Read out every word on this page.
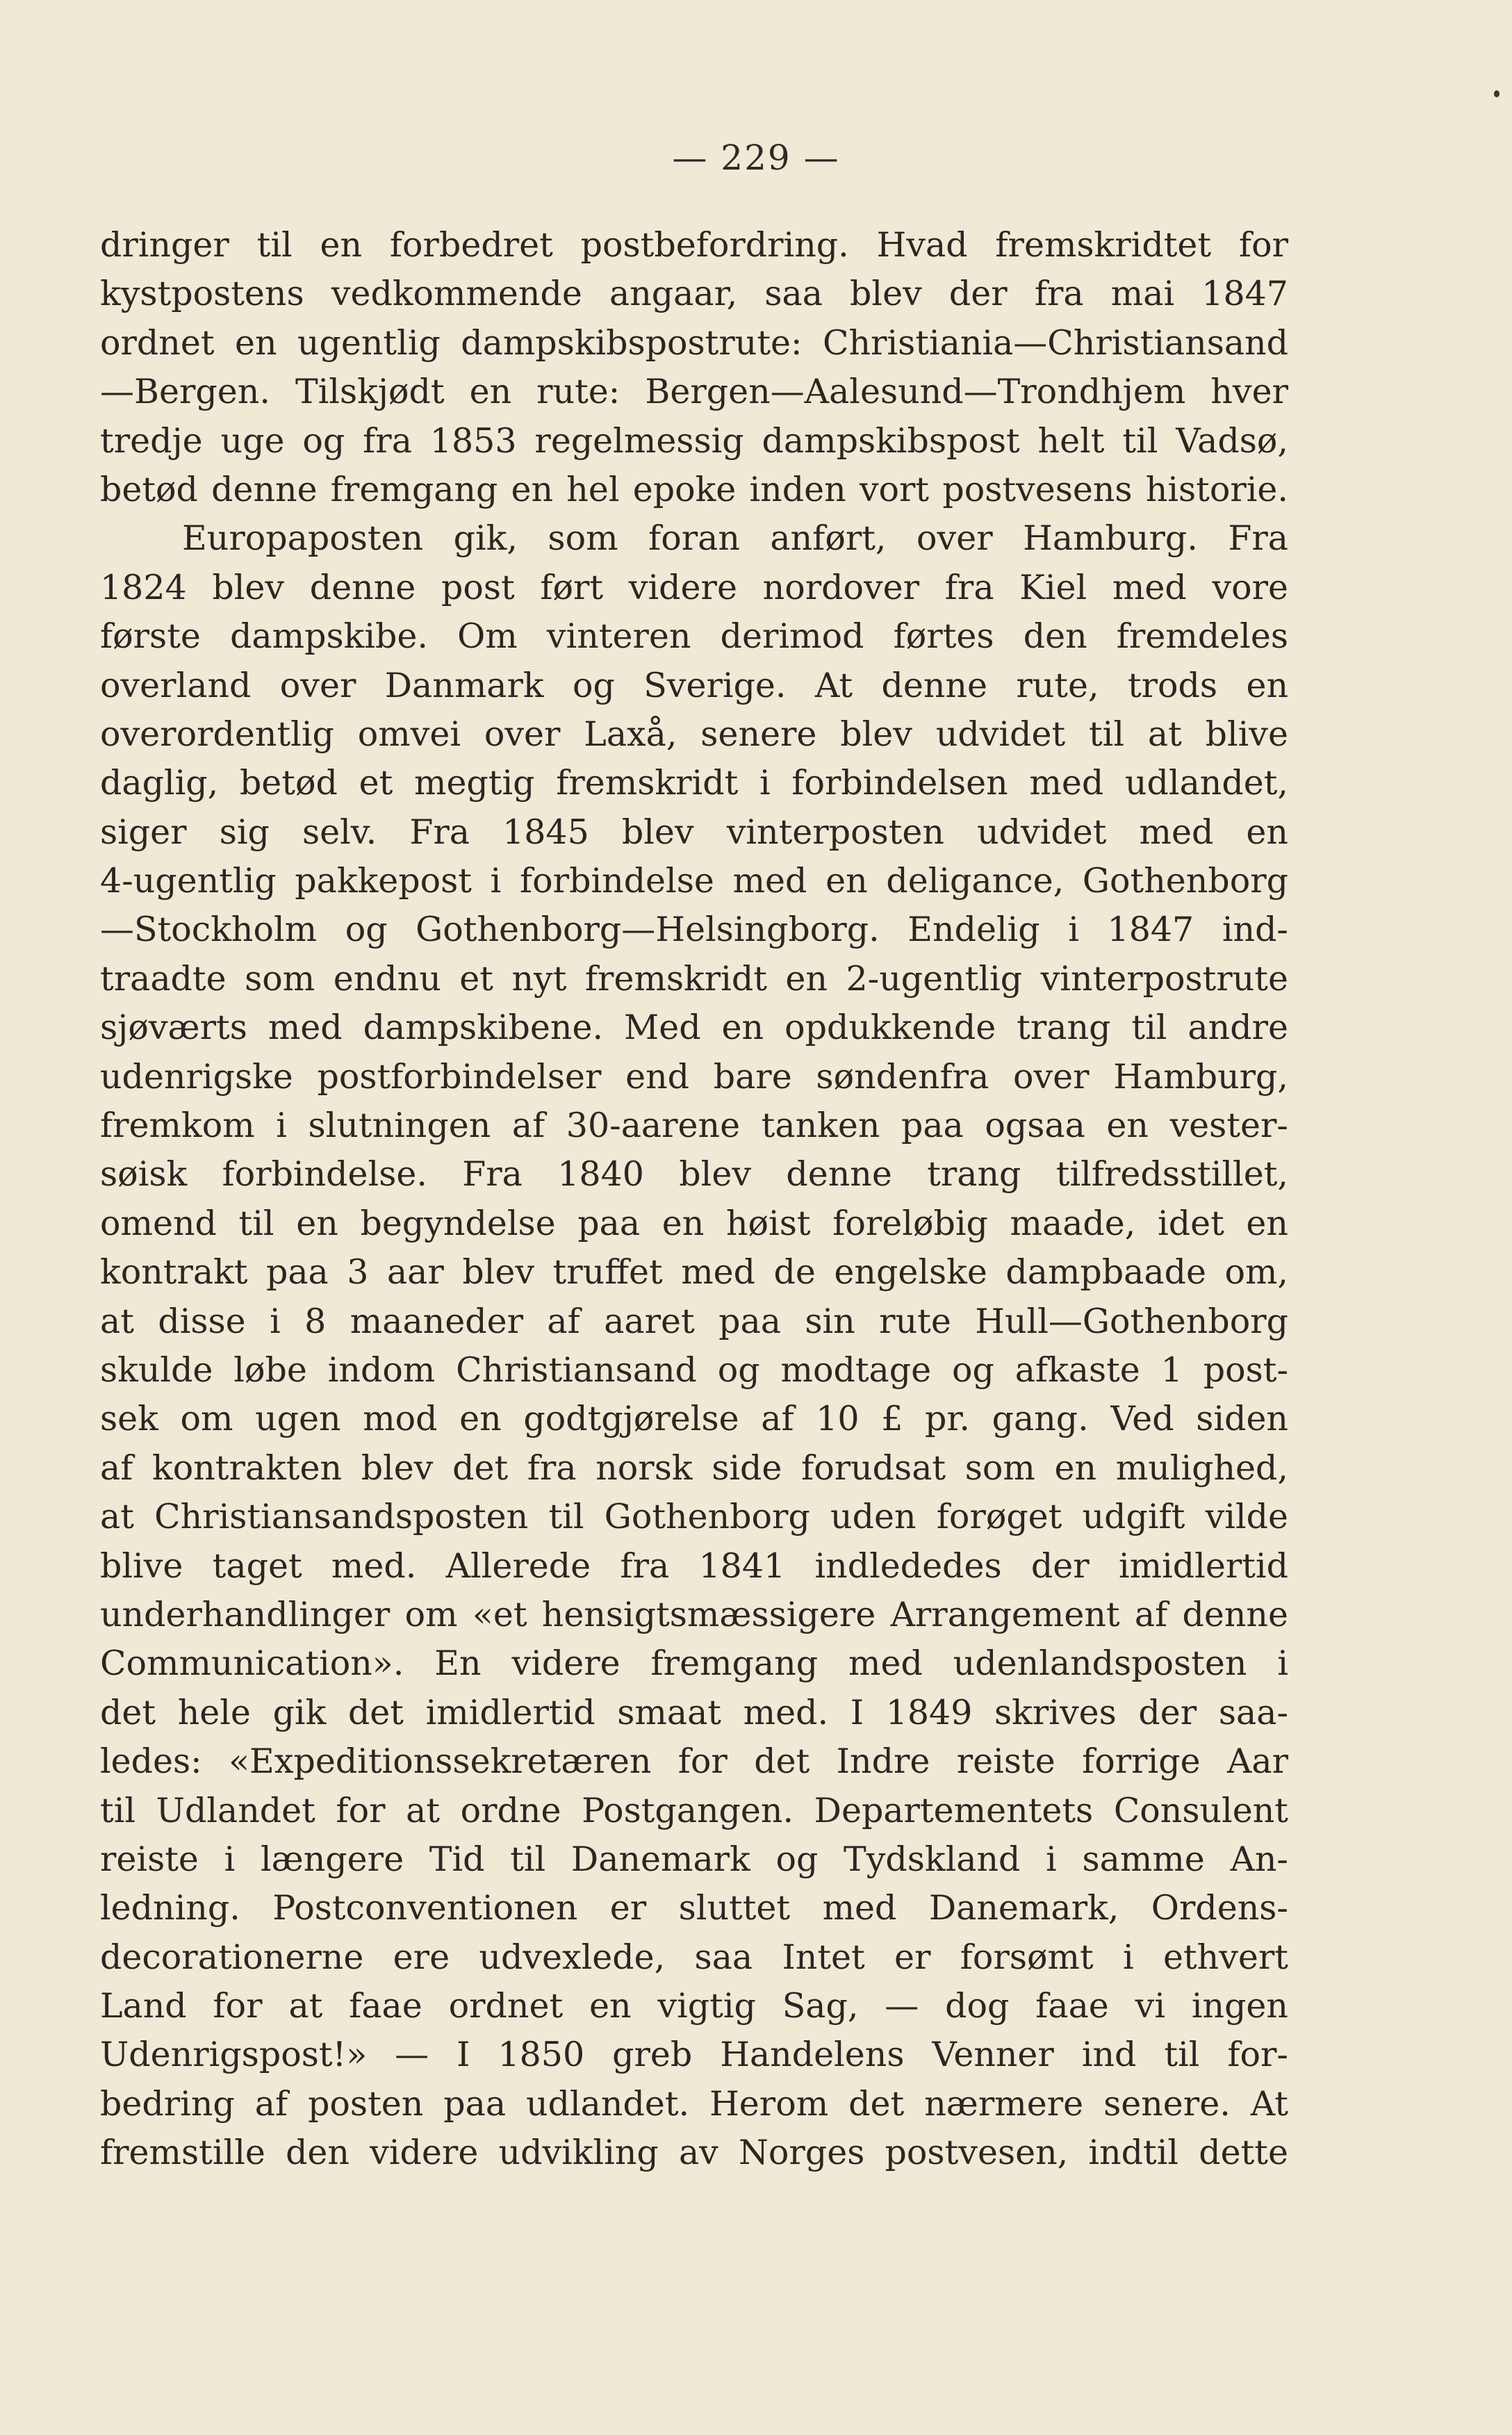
— 229 —
dringer til en forbedret postbefordring. Hvad fremskridtet for
kystpostens vedkommende angaar, saa blev der fra mai 1847
ordnet en ugentlig dampskibspostrute: Christiania—Christiansand
—Bergen. Tilskjødt en rute: Bergen—Aalesund—Trondhjem hver
tredje uge og fra 1853 regelmessig dampskibspost helt til Vadsø,
betød denne fremgang en hel epoke inden vort postvesens historie.
Europaposten gik, som foran anført, over Hamburg. Fra
1824 blev denne post ført videre nordover fra Kiel med vore
første dampskibe. Om vinteren derimod førtes den fremdeles
overland over Danmark og Sverige. At denne rute, trods en
overordentlig omvei over Laxå, senere blev udvidet til at blive
daglig, betød et megtig fremskridt i forbindelsen med udlandet,
siger sig selv. Fra 1845 blev vinterposten udvidet med en
4-ugentlig pakkepost i forbindelse med en deligance, Gothenborg
—Stockholm og Gothenborg—Helsingborg. Endelig i 1847 ind-
traadte som endnu et nyt fremskridt en 2-ugentlig vinterpostrute
sjøværts med dampskibene. Med en opdukkende trang til andre
udenrigske postforbindelser end bare søndenfra over Hamburg,
fremkom i slutningen af 30-aarene tanken paa ogsaa en vester-
søisk forbindelse. Fra 1840 blev denne trang tilfredsstillet,
omend til en begyndelse paa en høist foreløbig maade, idet en
kontrakt paa 3 aar blev truffet med de engelske dampbaade om,
at disse i 8 maaneder af aaret paa sin rute Hull—Gothenborg
skulde løbe indom Christiansand og modtage og afkaste 1 post-
sek om ugen mod en godtgjørelse af 10 £ pr. gang. Ved siden
af kontrakten blev det fra norsk side forudsat som en mulighed,
at Christiansandsposten til Gothenborg uden forøget udgift vilde
blive taget med. Allerede fra 1841 indlededes der imidlertid
underhandlinger om «et hensigtsmæssigere Arrangement af denne
Communication». En videre fremgang med udenlandsposten i
det hele gik det imidlertid smaat med. I 1849 skrives der saa-
ledes: «Expeditionssekretæren for det Indre reiste forrige Aar
til Udlandet for at ordne Postgangen. Departementets Consulent
reiste i længere Tid til Danemark og Tydskland i samme An-
ledning. Postconventionen er sluttet med Danemark, Ordens-
decorationerne ere udvexlede, saa Intet er forsømt i ethvert
Land for at faae ordnet en vigtig Sag, — dog faae vi ingen
Udenrigspost!» — I 1850 greb Handelens Venner ind til for-
bedring af posten paa udlandet. Herom det nærmere senere. At
fremstille den videre udvikling av Norges postvesen, indtil dette
